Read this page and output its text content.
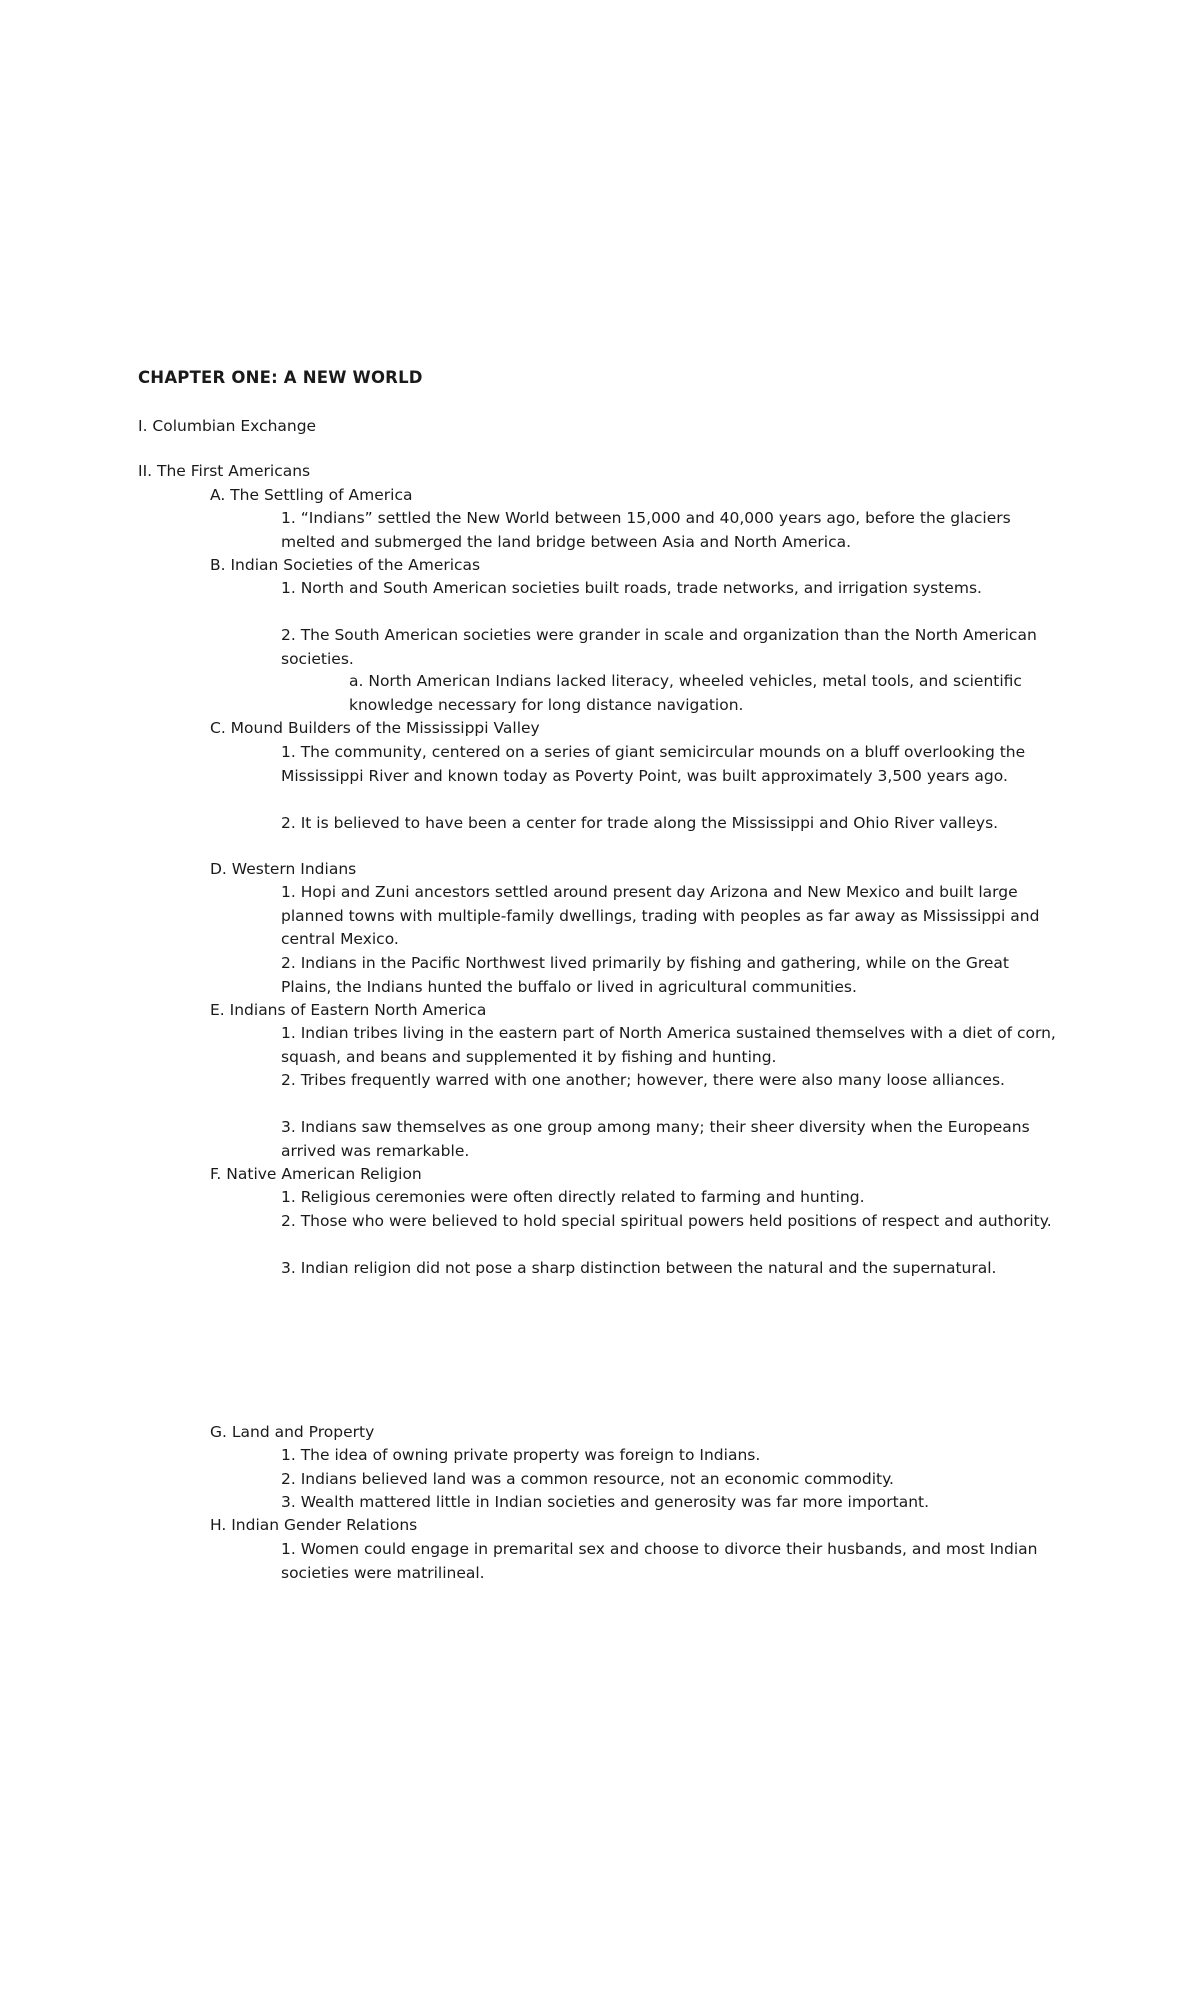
CHAPTER ONE: A NEW WORLD
I. Columbian Exchange
II. The First Americans
A. The Settling of America
1. “Indians” settled the New World between 15,000 and 40,000 years ago, before the glaciers melted and submerged the land bridge between Asia and North America.
B. Indian Societies of the Americas
1. North and South American societies built roads, trade networks, and irrigation systems.
2. The South American societies were grander in scale and organization than the North American societies.
a. North American Indians lacked literacy, wheeled vehicles, metal tools, and scientific knowledge necessary for long distance navigation.
C. Mound Builders of the Mississippi Valley
1. The community, centered on a series of giant semicircular mounds on a bluff overlooking the Mississippi River and known today as Poverty Point, was built approximately 3,500 years ago.
2. It is believed to have been a center for trade along the Mississippi and Ohio River valleys.
D. Western Indians
1. Hopi and Zuni ancestors settled around present day Arizona and New Mexico and built large planned towns with multiple-family dwellings, trading with peoples as far away as Mississippi and central Mexico.
2. Indians in the Pacific Northwest lived primarily by fishing and gathering, while on the Great Plains, the Indians hunted the buffalo or lived in agricultural communities.
E. Indians of Eastern North America
1. Indian tribes living in the eastern part of North America sustained themselves with a diet of corn, squash, and beans and supplemented it by fishing and hunting.
2. Tribes frequently warred with one another; however, there were also many loose alliances.
3. Indians saw themselves as one group among many; their sheer diversity when the Europeans arrived was remarkable.
F. Native American Religion
1. Religious ceremonies were often directly related to farming and hunting.
2. Those who were believed to hold special spiritual powers held positions of respect and authority.
3. Indian religion did not pose a sharp distinction between the natural and the supernatural.
G. Land and Property
1. The idea of owning private property was foreign to Indians.
2. Indians believed land was a common resource, not an economic commodity.
3. Wealth mattered little in Indian societies and generosity was far more important.
H. Indian Gender Relations
1. Women could engage in premarital sex and choose to divorce their husbands, and most Indian societies were matrilineal.
